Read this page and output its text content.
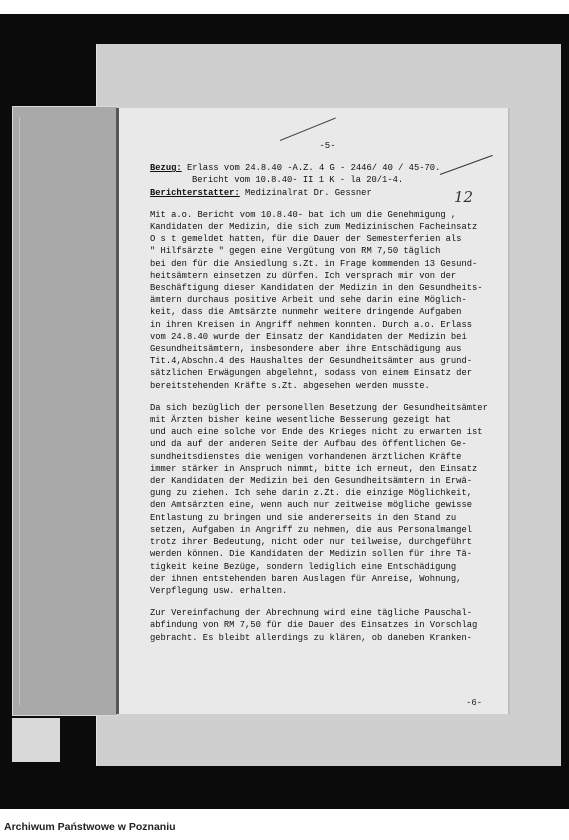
12
-5-
Bezug: Erlass vom 24.8.40 -A.Z. 4 G - 2446/ 40 / 45-70.
Bericht vom 10.8.40- II 1 K - la 20/1-4.
Berichterstatter: Medizinalrat Dr. Gessner

Mit a.o. Bericht vom 10.8.40- bat ich um die Genehmigung ,

Kandidaten der Medizin, die sich zum Medizinischen Facheinsatz

O s t gemeldet hatten, für die Dauer der Semesterferien als

" Hilfsärzte " gegen eine Vergütung von RM 7,50 täglich

bei den für die Ansiedlung s.Zt. in Frage kommenden 13 Gesund-

heitsämtern einsetzen zu dürfen. Ich versprach mir von der

Beschäftigung dieser Kandidaten der Medizin in den Gesundheits-

ämtern durchaus positive Arbeit und sehe darin eine Möglich-

keit, dass die Amtsärzte nunmehr weitere dringende Aufgaben

in ihren Kreisen in Angriff nehmen konnten. Durch a.o. Erlass

vom 24.8.40 wurde der Einsatz der Kandidaten der Medizin bei

Gesundheitsämtern, insbesondere aber ihre Entschädigung aus

Tit.4,Abschn.4 des Haushaltes der Gesundheitsämter aus grund-

sätzlichen Erwägungen abgelehnt, sodass von einem Einsatz der

bereitstehenden Kräfte s.Zt. abgesehen werden musste.

Da sich bezüglich der personellen Besetzung der Gesundheitsämter

mit Ärzten bisher keine wesentliche Besserung gezeigt hat

und auch eine solche vor Ende des Krieges nicht zu erwarten ist

und da auf der anderen Seite der Aufbau des öffentlichen Ge-

sundheitsdienstes die wenigen vorhandenen ärztlichen Kräfte

immer stärker in Anspruch nimmt, bitte ich erneut, den Einsatz

der Kandidaten der Medizin bei den Gesundheitsämtern in Erwä-

gung zu ziehen. Ich sehe darin z.Zt. die einzige Möglichkeit,

den Amtsärzten eine, wenn auch nur zeitweise mögliche gewisse

Entlastung zu bringen und sie andererseits in den Stand zu

setzen, Aufgaben in Angriff zu nehmen, die aus Personalmangel

trotz ihrer Bedeutung, nicht oder nur teilweise, durchgeführt

werden können. Die Kandidaten der Medizin sollen für ihre Tä-

tigkeit keine Bezüge, sondern lediglich eine Entschädigung

der ihnen entstehenden baren Auslagen für Anreise, Wohnung,

Verpflegung usw. erhalten.

Zur Vereinfachung der Abrechnung wird eine tägliche Pauschal-

abfindung von RM 7,50 für die Dauer des Einsatzes in Vorschlag

gebracht. Es bleibt allerdings zu klären, ob daneben Kranken-

-6-
Archiwum Państwowe w Poznaniu
